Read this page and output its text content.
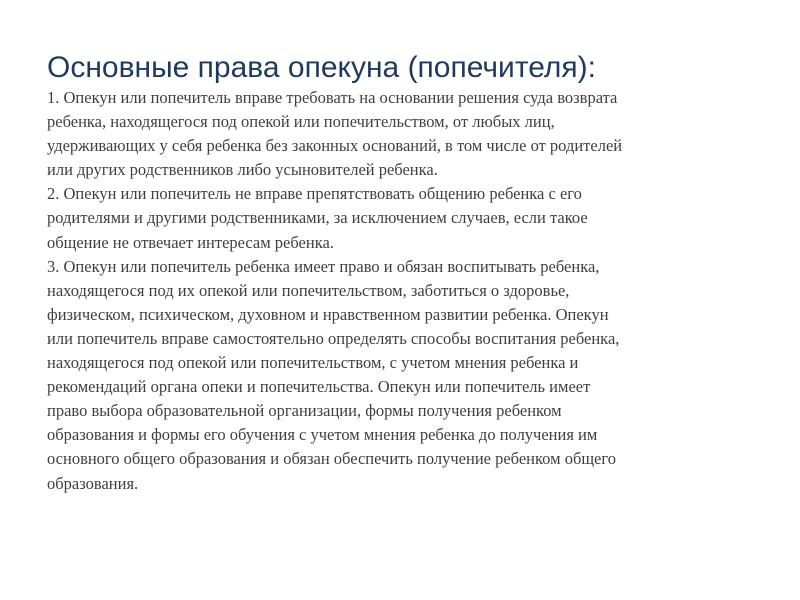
Основные права опекуна (попечителя):
1. Опекун или попечитель вправе требовать на основании решения суда возврата
ребенка, находящегося под опекой или попечительством, от любых лиц,
удерживающих у себя ребенка без законных оснований, в том числе от родителей
или других родственников либо усыновителей ребенка.
2. Опекун или попечитель не вправе препятствовать общению ребенка с его
родителями и другими родственниками, за исключением случаев, если такое
общение не отвечает интересам ребенка.
3. Опекун или попечитель ребенка имеет право и обязан воспитывать ребенка,
находящегося под их опекой или попечительством, заботиться о здоровье,
физическом, психическом, духовном и нравственном развитии ребенка. Опекун
или попечитель вправе самостоятельно определять способы воспитания ребенка,
находящегося под опекой или попечительством, с учетом мнения ребенка и
рекомендаций органа опеки и попечительства. Опекун или попечитель имеет
право выбора образовательной организации, формы получения ребенком
образования и формы его обучения с учетом мнения ребенка до получения им
основного общего образования и обязан обеспечить получение ребенком общего
образования.
